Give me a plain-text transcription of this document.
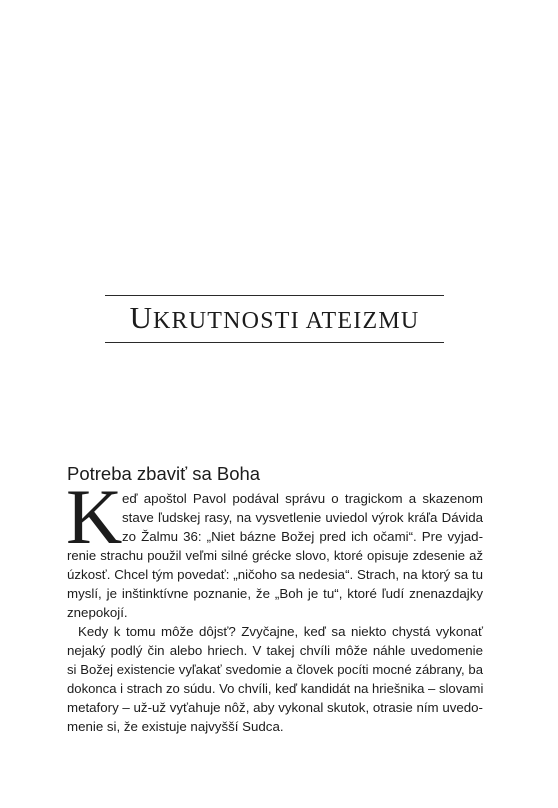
UKRUTNOSTI ATEIZMU
Potreba zbaviť sa Boha
K eď apoštol Pavol podával správu o tragickom a skazenom
stave ľudskej rasy, na vysvetlenie uviedol výrok kráľa Dávida
zo Žalmu 36: „Niet bázne Božej pred ich očami“. Pre vyjad-
renie strachu použil veľmi silné grécke slovo, ktoré opisuje zdesenie až
úzkosť. Chcel tým povedať: „ničoho sa nedesia“. Strach, na ktorý sa tu
myslí, je inštinktívne poznanie, že „Boh je tu“, ktoré ľudí znenazdajky
znepokojí.
Kedy k tomu môže dôjsť? Zvyčajne, keď sa niekto chystá vykonať
nejaký podlý čin alebo hriech. V takej chvíli môže náhle uvedomenie
si Božej existencie vyľakať svedomie a človek pocíti mocné zábrany, ba
dokonca i strach zo súdu. Vo chvíli, keď kandidát na hriešnika – slovami
metafory – už-už vyťahuje nôž, aby vykonal skutok, otrasie ním uvedo-
menie si, že existuje najvyšší Sudca.
